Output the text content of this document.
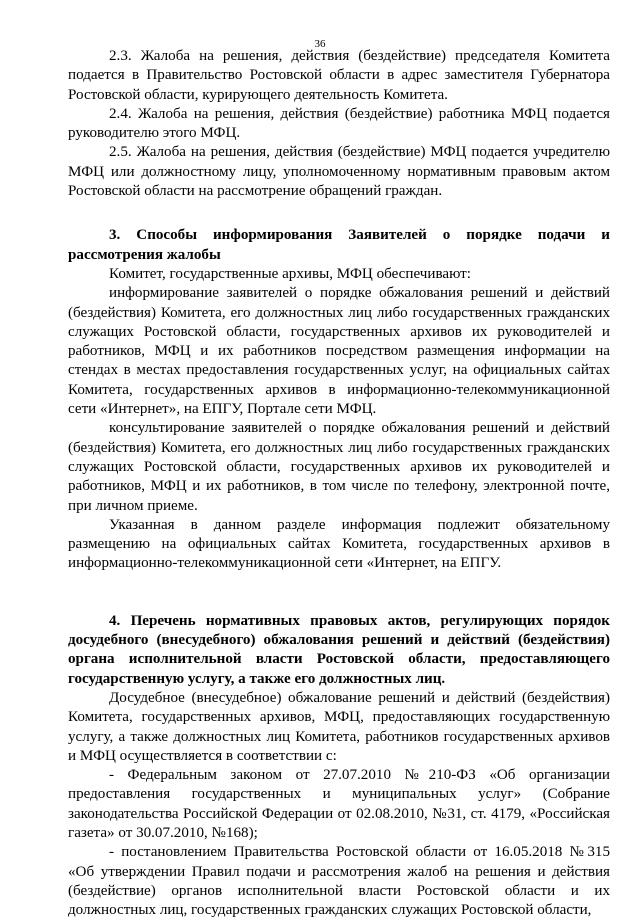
36

2.3. Жалоба на решения, действия (бездействие) председателя Комитета подается в Правительство Ростовской области в адрес заместителя Губернатора Ростовской области, курирующего деятельность Комитета.

2.4. Жалоба на решения, действия (бездействие) работника МФЦ подается руководителю этого МФЦ.

2.5. Жалоба на решения, действия (бездействие) МФЦ подается учредителю МФЦ или должностному лицу, уполномоченному нормативным правовым актом Ростовской области на рассмотрение обращений граждан.

3. Способы информирования Заявителей о порядке подачи и рассмотрения жалобы

Комитет, государственные архивы, МФЦ обеспечивают:

информирование заявителей о порядке обжалования решений и действий (бездействия) Комитета, его должностных лиц либо государственных гражданских служащих Ростовской области, государственных архивов их руководителей и работников, МФЦ и их работников посредством размещения информации на стендах в местах предоставления государственных услуг, на официальных сайтах Комитета, государственных архивов в информационно-телекоммуникационной сети «Интернет», на ЕПГУ, Портале сети МФЦ.

консультирование заявителей о порядке обжалования решений и действий (бездействия) Комитета, его должностных лиц либо государственных гражданских служащих Ростовской области, государственных архивов их руководителей и работников, МФЦ и их работников, в том числе по телефону, электронной почте, при личном приеме.

Указанная в данном разделе информация подлежит обязательному размещению на официальных сайтах Комитета, государственных архивов в информационно-телекоммуникационной сети «Интернет, на ЕПГУ.

4. Перечень нормативных правовых актов, регулирующих порядок досудебного (внесудебного) обжалования решений и действий (бездействия) органа исполнительной власти Ростовской области, предоставляющего государственную услугу, а также его должностных лиц.

Досудебное (внесудебное) обжалование решений и действий (бездействия) Комитета, государственных архивов, МФЦ, предоставляющих государственную услугу, а также должностных лиц Комитета, работников государственных архивов и МФЦ осуществляется в соответствии с:

- Федеральным законом от 27.07.2010 №210-ФЗ «Об организации предоставления государственных и муниципальных услуг» (Собрание законодательства Российской Федерации от 02.08.2010, №31, ст. 4179, «Российская газета» от 30.07.2010, №168);

- постановлением Правительства Ростовской области от 16.05.2018 №315 «Об утверждении Правил подачи и рассмотрения жалоб на решения и действия (бездействие) органов исполнительной власти Ростовской области и их должностных лиц, государственных гражданских служащих Ростовской области,
